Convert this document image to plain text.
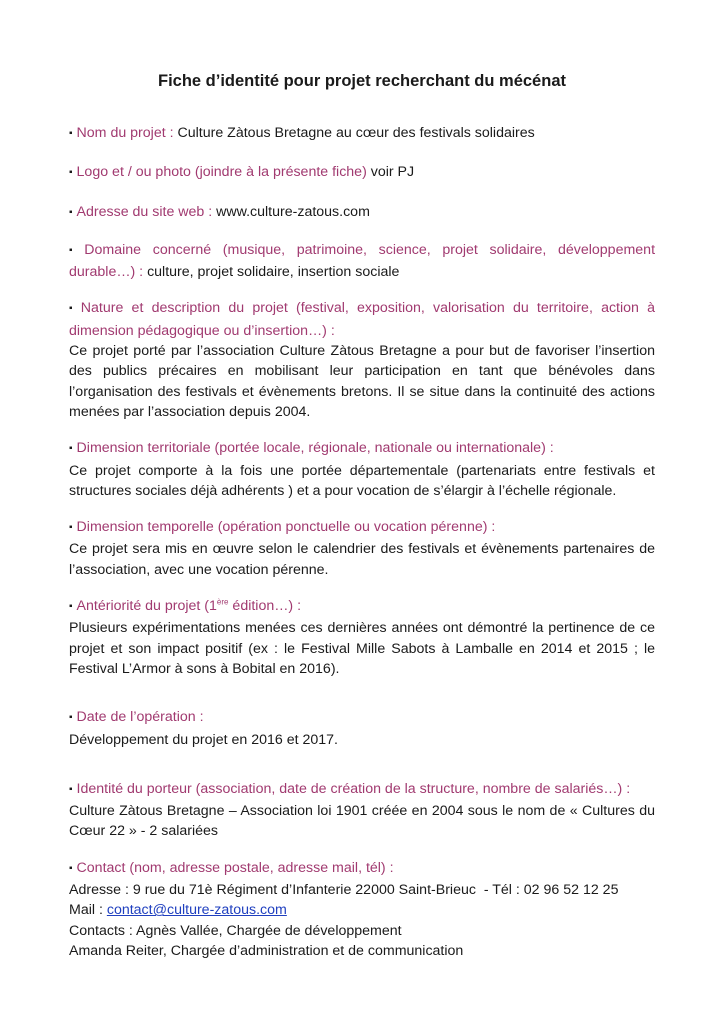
Fiche d’identité pour projet recherchant du mécénat

▪ Nom du projet : Culture Zàtous Bretagne au cœur des festivals solidaires

▪ Logo et / ou photo (joindre à la présente fiche) voir PJ

▪ Adresse du site web : www.culture-zatous.com

▪ Domaine concerné (musique, patrimoine, science, projet solidaire, développement durable…) : culture, projet solidaire, insertion sociale

▪ Nature et description du projet (festival, exposition, valorisation du territoire, action à dimension pédagogique ou d’insertion…) :
Ce projet porté par l’association Culture Zàtous Bretagne a pour but de favoriser l’insertion des publics précaires en mobilisant leur participation en tant que bénévoles dans l’organisation des festivals et évènements bretons. Il se situe dans la continuité des actions menées par l’association depuis 2004.
▪ Dimension territoriale (portée locale, régionale, nationale ou internationale) :
Ce projet comporte à la fois une portée départementale (partenariats entre festivals et structures sociales déjà adhérents ) et a pour vocation de s’élargir à l’échelle régionale.
▪ Dimension temporelle (opération ponctuelle ou vocation pérenne) :
Ce projet sera mis en œuvre selon le calendrier des festivals et évènements partenaires de l’association, avec une vocation pérenne.
▪ Antériorité du projet (1ère édition…) :
Plusieurs expérimentations menées ces dernières années ont démontré la pertinence de ce projet et son impact positif (ex : le Festival Mille Sabots à Lamballe en 2014 et 2015 ; le Festival L’Armor à sons à Bobital en 2016).
▪ Date de l’opération :
Développement du projet en 2016 et 2017.
▪ Identité du porteur (association, date de création de la structure, nombre de salariés…) :
Culture Zàtous Bretagne – Association loi 1901 créée en 2004 sous le nom de « Cultures du Cœur 22 » - 2 salariées
▪ Contact (nom, adresse postale, adresse mail, tél) :
Adresse : 9 rue du 71è Régiment d’Infanterie 22000 Saint-Brieuc  - Tél : 02 96 52 12 25
Mail : contact@culture-zatous.com
Contacts : Agnès Vallée, Chargée de développement
Amanda Reiter, Chargée d’administration et de communication
